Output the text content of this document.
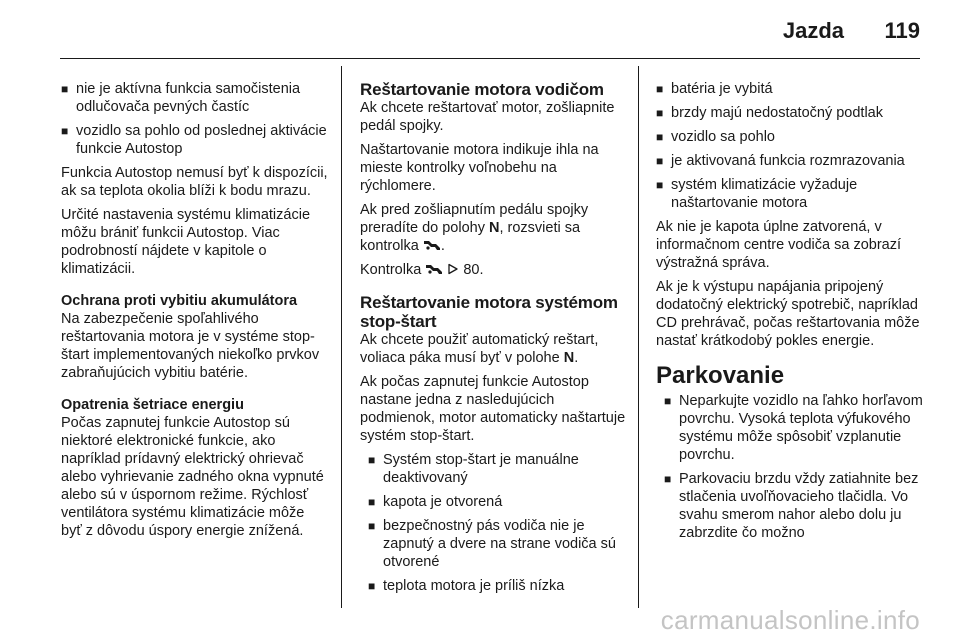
Jazda 119
■ nie je aktívna funkcia samočistenia odlučovača pevných častíc
■ vozidlo sa pohlo od poslednej aktivácie funkcie Autostop

Funkcia Autostop nemusí byť k dispozícii, ak sa teplota okolia blíži k bodu mrazu.

Určité nastavenia systému klimatizácie môžu brániť funkcii Autostop. Viac podrobností nájdete v kapitole o klimatizácii.

Ochrana proti vybitiu akumulátora

Na zabezpečenie spoľahlivého reštartovania motora je v systéme stop-štart implementovaných niekoľko prvkov zabraňujúcich vybitiu batérie.

Opatrenia šetriace energiu

Počas zapnutej funkcie Autostop sú niektoré elektronické funkcie, ako napríklad prídavný elektrický ohrievač alebo vyhrievanie zadného okna vypnuté alebo sú v úspornom režime. Rýchlosť ventilátora systému klimatizácie môže byť z dôvodu úspory energie znížená.

Reštartovanie motora vodičom

Ak chcete reštartovať motor, zošliapnite pedál spojky.

Naštartovanie motora indikuje ihla na mieste kontrolky voľnobehu na rýchlomere.

Ak pred zošliapnutím pedálu spojky preradíte do polohy N, rozsvieti sa kontrolka .

Kontrolka	80.

Reštartovanie motora systémom stop-štart

Ak chcete použiť automatický reštart, voliaca páka musí byť v polohe N.

Ak počas zapnutej funkcie Autostop nastane jedna z nasledujúcich podmienok, motor automaticky naštartuje systém stop-štart.

■ Systém stop-štart je manuálne deaktivovaný
■ kapota je otvorená
■ bezpečnostný pás vodiča nie je zapnutý a dvere na strane vodiča sú otvorené
■ teplota motora je príliš nízka
■ batéria je vybitá
■ brzdy majú nedostatočný podtlak
■ vozidlo sa pohlo
■ je aktivovaná funkcia rozmrazovania
■ systém klimatizácie vyžaduje naštartovanie motora

Ak nie je kapota úplne zatvorená, v informačnom centre vodiča sa zobrazí výstražná správa.

Ak je k výstupu napájania pripojený dodatočný elektrický spotrebič, napríklad CD prehrávač, počas reštartovania môže nastať krátkodobý pokles energie.

Parkovanie
■ Neparkujte vozidlo na ľahko horľavom povrchu. Vysoká teplota výfukového systému môže spôsobiť vzplanutie povrchu.
■ Parkovaciu brzdu vždy zatiahnite bez stlačenia uvoľňovacieho tlačidla. Vo svahu smerom nahor alebo dolu ju zabrzdite čo možno
carmanualsonline.info
